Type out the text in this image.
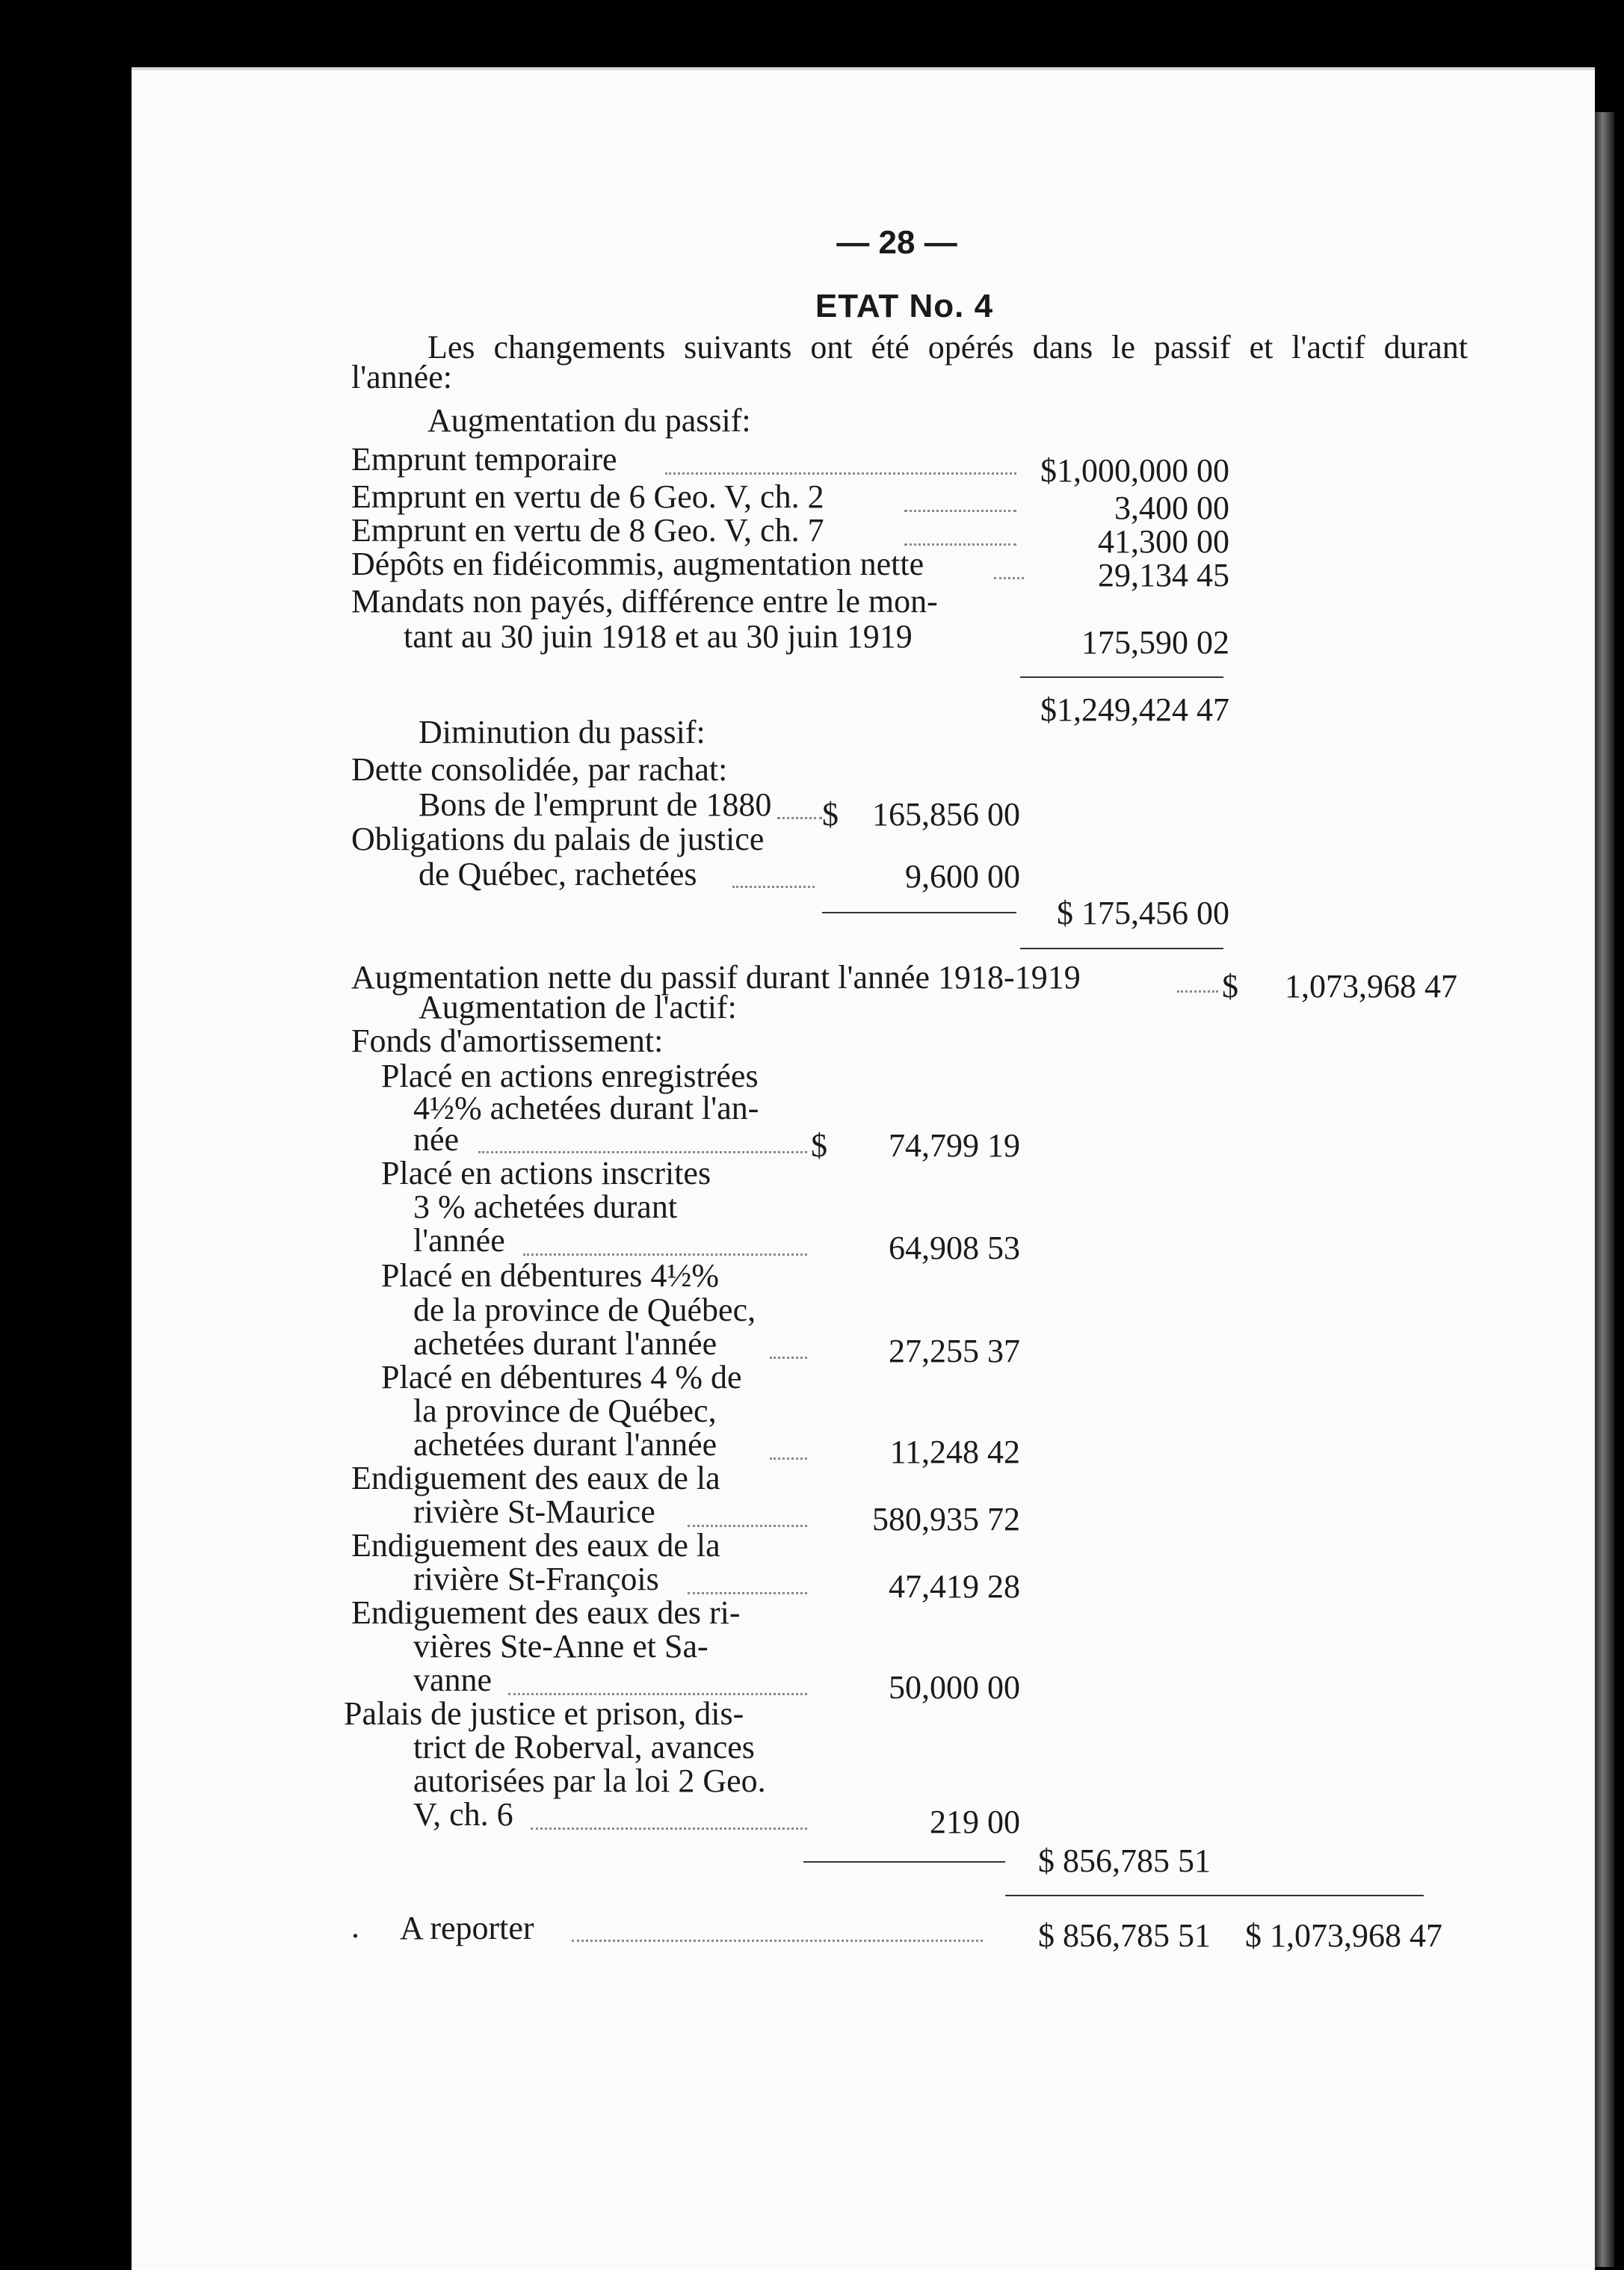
— 28 —
ETAT No. 4
Les changements suivants ont été opérés dans le passif et l'actif durant
l'année:
Augmentation du passif:
Emprunt temporaire	$1,000,000 00
Emprunt en vertu de 6 Geo. V, ch. 2	3,400 00
Emprunt en vertu de 8 Geo. V, ch. 7	41,300 00
Dépôts en fidéicommis, augmentation nette	29,134 45
Mandats non payés, différence entre le mon-
tant au 30 juin 1918 et au 30 juin 1919	175,590 02
$1,249,424 47
Diminution du passif:
Dette consolidée, par rachat:
Bons de l'emprunt de 1880 $	165,856 00
Obligations du palais de justice
de Québec, rachetées	9,600 00
$ 175,456 00
Augmentation nette du passif durant l'année 1918-1919	$	1,073,968 47
Augmentation de l'actif:
Fonds d'amortissement:
Placé en actions enregistrées
4½% achetées durant l'an-
née	$	74,799 19
Placé en actions inscrites
3 % achetées durant
l'année	64,908 53
Placé en débentures 4½%
de la province de Québec,
achetées durant l'année	27,255 37
Placé en débentures 4 % de
la province de Québec,
achetées durant l'année	11,248 42
Endiguement des eaux de la
rivière St-Maurice	580,935 72
Endiguement des eaux de la
rivière St-François	47,419 28
Endiguement des eaux des ri-
vières Ste-Anne et Sa-
vanne	50,000 00
Palais de justice et prison, dis-
trict de Roberval, avances
autorisées par la loi 2 Geo.
V, ch. 6	219 00
$ 856,785 51
. A reporter	$ 856,785 51	$ 1,073,968 47
